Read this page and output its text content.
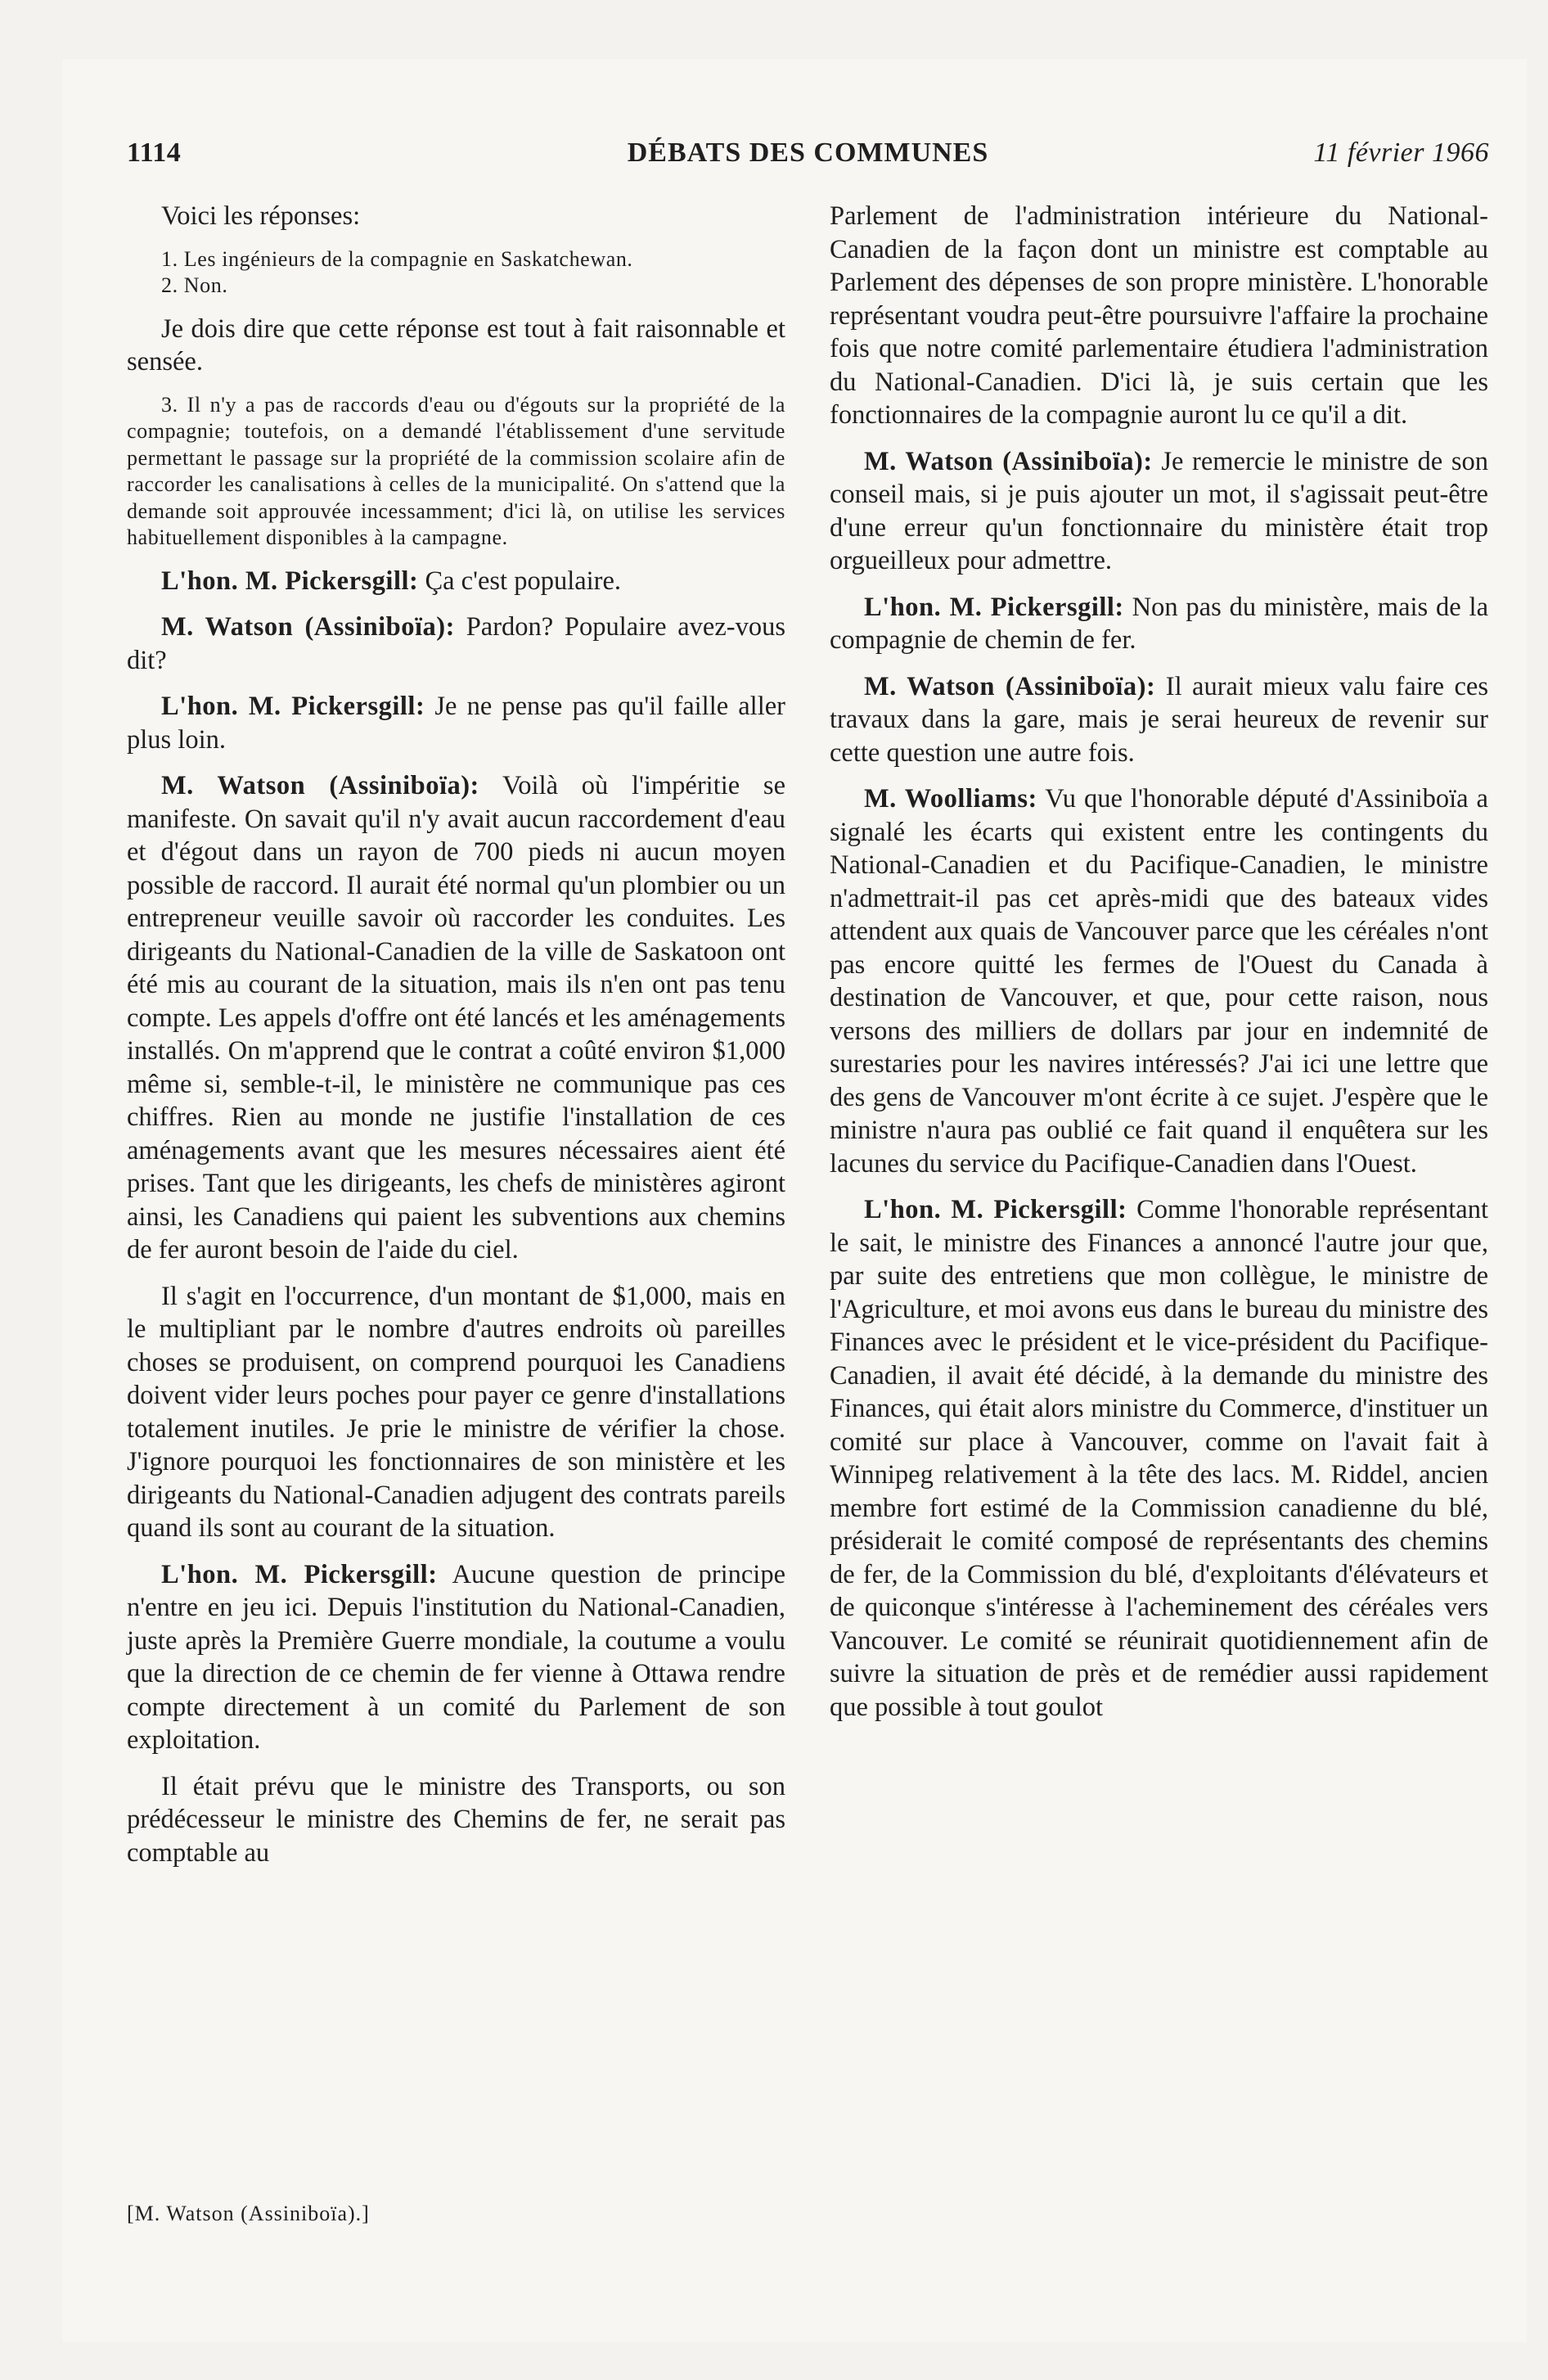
1114	DÉBATS DES COMMUNES	11 février 1966

Voici les réponses:

1. Les ingénieurs de la compagnie en Saskatchewan.

2. Non.

Je dois dire que cette réponse est tout à fait raisonnable et sensée.

3. Il n'y a pas de raccords d'eau ou d'égouts sur la propriété de la compagnie; toutefois, on a demandé l'établissement d'une servitude permettant le passage sur la propriété de la commission scolaire afin de raccorder les canalisations à celles de la municipalité. On s'attend que la demande soit approuvée incessamment; d'ici là, on utilise les services habituellement disponibles à la campagne.

L'hon. M. Pickersgill: Ça c'est populaire.

M. Watson (Assiniboïa): Pardon? Populaire avez-vous dit?

L'hon. M. Pickersgill: Je ne pense pas qu'il faille aller plus loin.

M. Watson (Assiniboïa): Voilà où l'impéritie se manifeste. On savait qu'il n'y avait aucun raccordement d'eau et d'égout dans un rayon de 700 pieds ni aucun moyen possible de raccord. Il aurait été normal qu'un plombier ou un entrepreneur veuille savoir où raccorder les conduites. Les dirigeants du National-Canadien de la ville de Saskatoon ont été mis au courant de la situation, mais ils n'en ont pas tenu compte. Les appels d'offre ont été lancés et les aménagements installés. On m'apprend que le contrat a coûté environ $1,000 même si, semble-t-il, le ministère ne communique pas ces chiffres. Rien au monde ne justifie l'installation de ces aménagements avant que les mesures nécessaires aient été prises. Tant que les dirigeants, les chefs de ministères agiront ainsi, les Canadiens qui paient les subventions aux chemins de fer auront besoin de l'aide du ciel.

Il s'agit en l'occurrence, d'un montant de $1,000, mais en le multipliant par le nombre d'autres endroits où pareilles choses se produisent, on comprend pourquoi les Canadiens doivent vider leurs poches pour payer ce genre d'installations totalement inutiles. Je prie le ministre de vérifier la chose. J'ignore pourquoi les fonctionnaires de son ministère et les dirigeants du National-Canadien adjugent des contrats pareils quand ils sont au courant de la situation.

L'hon. M. Pickersgill: Aucune question de principe n'entre en jeu ici. Depuis l'institution du National-Canadien, juste après la Première Guerre mondiale, la coutume a voulu que la direction de ce chemin de fer vienne à Ottawa rendre compte directement à un comité du Parlement de son exploitation.

Il était prévu que le ministre des Transports, ou son prédécesseur le ministre des Chemins de fer, ne serait pas comptable au

Parlement de l'administration intérieure du National-Canadien de la façon dont un ministre est comptable au Parlement des dépenses de son propre ministère. L'honorable représentant voudra peut-être poursuivre l'affaire la prochaine fois que notre comité parlementaire étudiera l'administration du National-Canadien. D'ici là, je suis certain que les fonctionnaires de la compagnie auront lu ce qu'il a dit.

M. Watson (Assiniboïa): Je remercie le ministre de son conseil mais, si je puis ajouter un mot, il s'agissait peut-être d'une erreur qu'un fonctionnaire du ministère était trop orgueilleux pour admettre.

L'hon. M. Pickersgill: Non pas du ministère, mais de la compagnie de chemin de fer.

M. Watson (Assiniboïa): Il aurait mieux valu faire ces travaux dans la gare, mais je serai heureux de revenir sur cette question une autre fois.

M. Woolliams: Vu que l'honorable député d'Assiniboïa a signalé les écarts qui existent entre les contingents du National-Canadien et du Pacifique-Canadien, le ministre n'admettrait-il pas cet après-midi que des bateaux vides attendent aux quais de Vancouver parce que les céréales n'ont pas encore quitté les fermes de l'Ouest du Canada à destination de Vancouver, et que, pour cette raison, nous versons des milliers de dollars par jour en indemnité de surestaries pour les navires intéressés? J'ai ici une lettre que des gens de Vancouver m'ont écrite à ce sujet. J'espère que le ministre n'aura pas oublié ce fait quand il enquêtera sur les lacunes du service du Pacifique-Canadien dans l'Ouest.

L'hon. M. Pickersgill: Comme l'honorable représentant le sait, le ministre des Finances a annoncé l'autre jour que, par suite des entretiens que mon collègue, le ministre de l'Agriculture, et moi avons eus dans le bureau du ministre des Finances avec le président et le vice-président du Pacifique-Canadien, il avait été décidé, à la demande du ministre des Finances, qui était alors ministre du Commerce, d'instituer un comité sur place à Vancouver, comme on l'avait fait à Winnipeg relativement à la tête des lacs. M. Riddel, ancien membre fort estimé de la Commission canadienne du blé, présiderait le comité composé de représentants des chemins de fer, de la Commission du blé, d'exploitants d'élévateurs et de quiconque s'intéresse à l'acheminement des céréales vers Vancouver. Le comité se réunirait quotidiennement afin de suivre la situation de près et de remédier aussi rapidement que possible à tout goulot

[M. Watson (Assiniboïa).]
